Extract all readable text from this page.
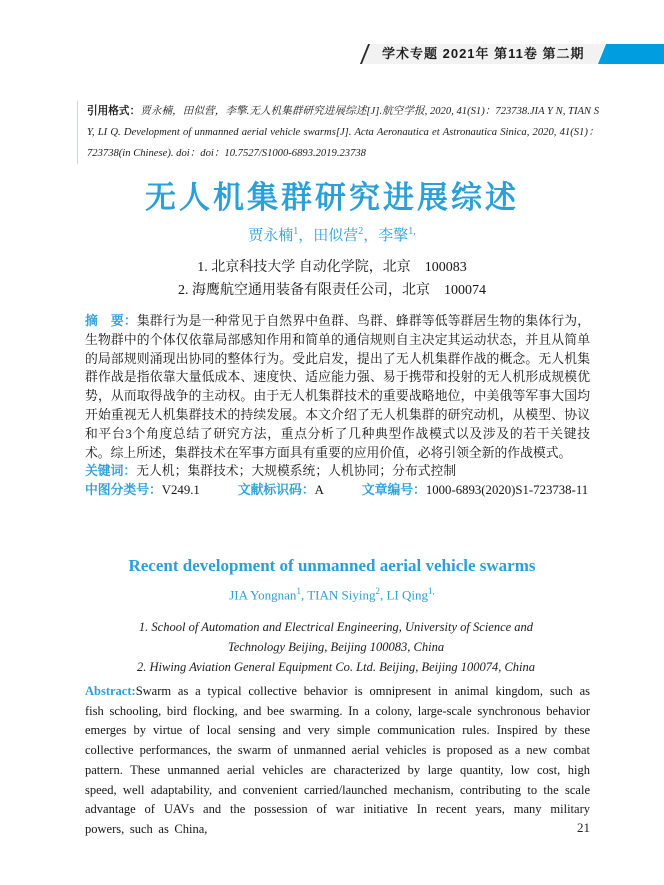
学术专题 2021年 第11卷 第二期
引用格式：贾永楠，田似营，李擎.无人机集群研究进展综述[J].航空学报, 2020, 41(S1)：723738.JIA Y N, TIAN S Y, LI Q. Development of unmanned aerial vehicle swarms[J]. Acta Aeronautica et Astronautica Sinica, 2020, 41(S1)：723738(in Chinese). doi：doi：10.7527/S1000-6893.2019.23738
无人机集群研究进展综述
贾永楠$^1$，田似营$^2$，李擎$^{1,}$
1. 北京科技大学 自动化学院，北京　100083
2. 海鹰航空通用装备有限责任公司，北京　100074

摘　要：集群行为是一种常见于自然界中鱼群、鸟群、蜂群等低等群居生物的集体行为，生物群中的个体仅依靠局部感知作用和简单的通信规则自主决定其运动状态，并且从简单的局部规则涌现出协同的整体行为。受此启发，提出了无人机集群作战的概念。无人机集群作战是指依靠大量低成本、速度快、适应能力强、易于携带和投射的无人机形成规模优势，从而取得战争的主动权。由于无人机集群技术的重要战略地位，中美俄等军事大国均开始重视无人机集群技术的持续发展。本文介绍了无人机集群的研究动机，从模型、协议和平台3个角度总结了研究方法，重点分析了几种典型作战模式以及涉及的若干关键技术。综上所述，集群技术在军事方面具有重要的应用价值，必将引领全新的作战模式。

关键词：无人机；集群技术；大规模系统；人机协同；分布式控制

中图分类号：V249.1	文献标识码：A	文章编号：1000-6893(2020)S1-723738-11

Recent development of unmanned aerial vehicle swarms
JIA Yongnan$^1$, TIAN Siying$^2$, LI Qing$^{1,}$
1. School of Automation and Electrical Engineering, University of Science and Technology Beijing, Beijing 100083, China
2. Hiwing Aviation General Equipment Co. Ltd. Beijing, Beijing 100074, China
Abstract:Swarm as a typical collective behavior is omnipresent in animal kingdom, such as fish schooling, bird flocking, and bee swarming. In a colony, large-scale synchronous behavior emerges by virtue of local sensing and very simple communication rules. Inspired by these collective performances, the swarm of unmanned aerial vehicles is proposed as a new combat pattern. These unmanned aerial vehicles are characterized by large quantity, low cost, high speed, well adaptability, and convenient carried/launched mechanism, contributing to the scale advantage of UAVs and the possession of war initiative In recent years, many military powers, such as China,	21
